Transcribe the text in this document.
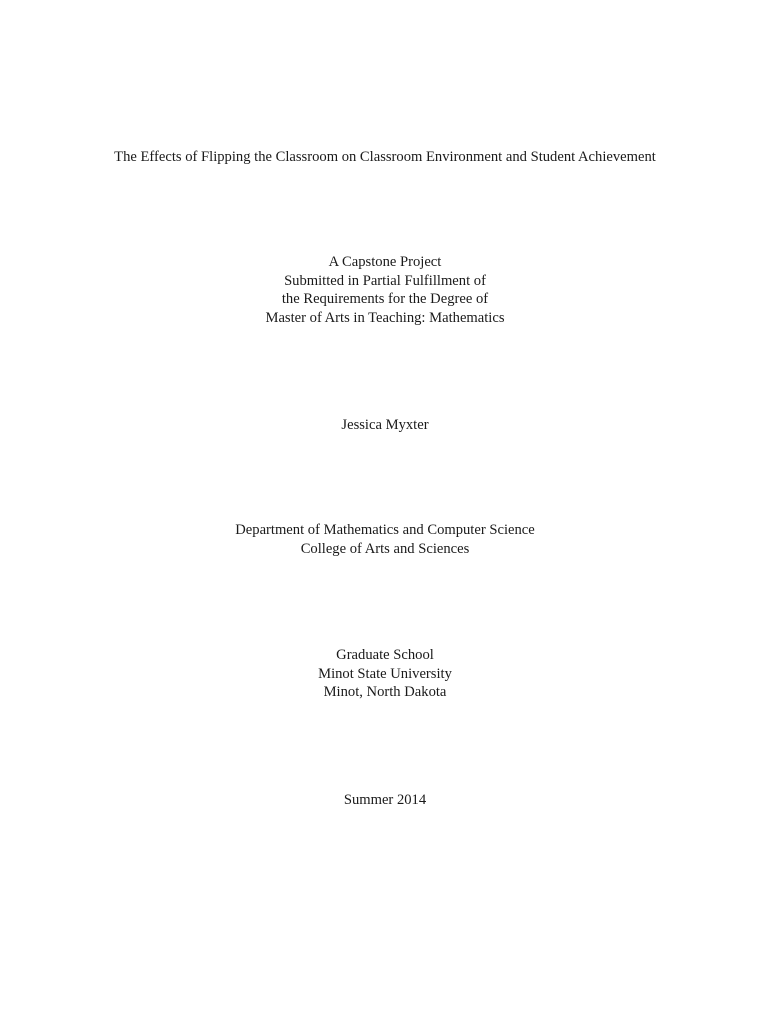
The Effects of Flipping the Classroom on Classroom Environment and Student Achievement
A Capstone Project
Submitted in Partial Fulfillment of
the Requirements for the Degree of
Master of Arts in Teaching: Mathematics
Jessica Myxter
Department of Mathematics and Computer Science
College of Arts and Sciences
Graduate School
Minot State University
Minot, North Dakota
Summer 2014
